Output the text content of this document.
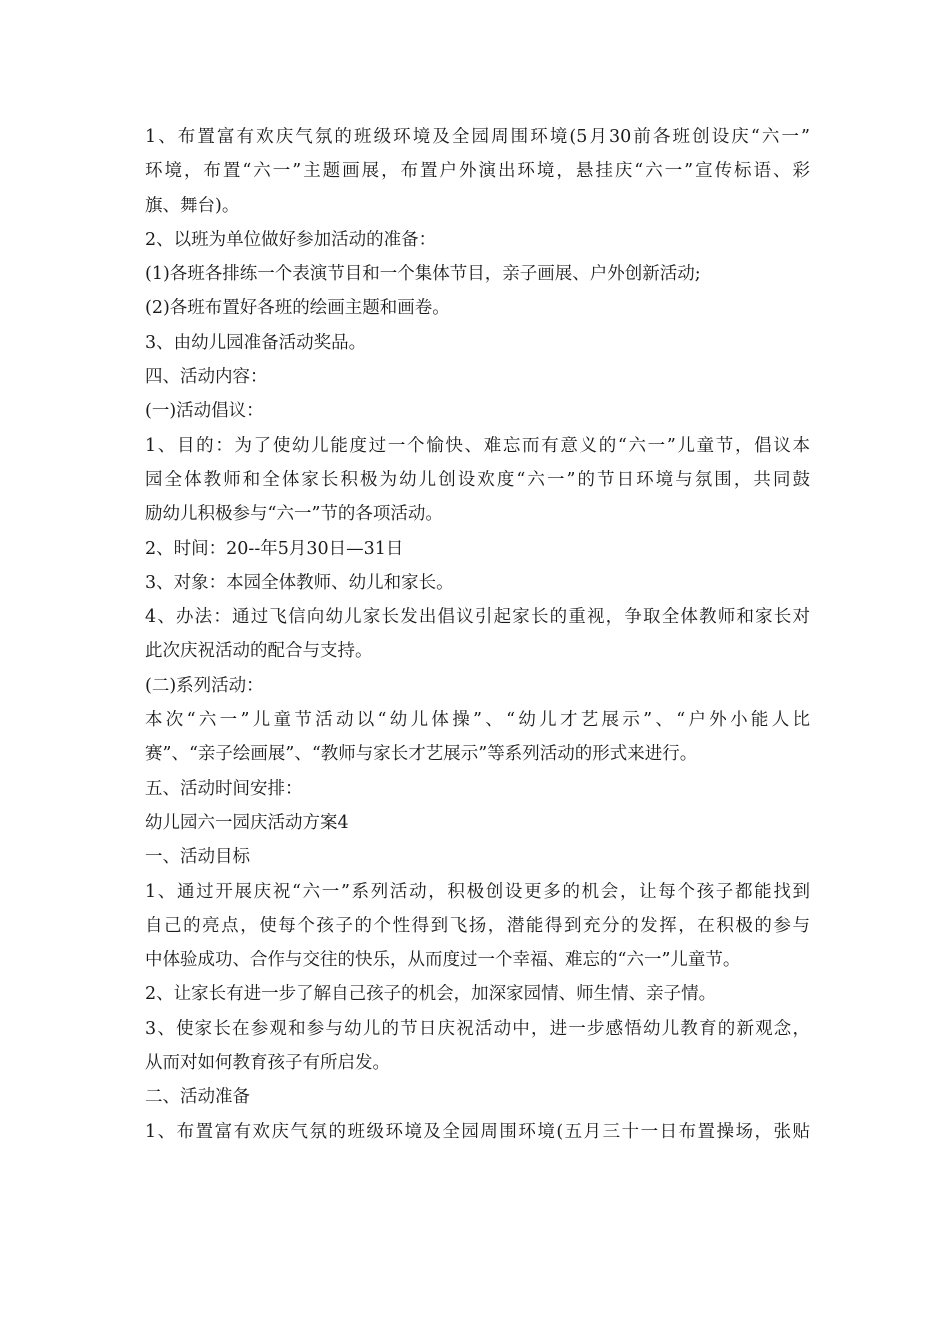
1、布置富有欢庆气氛的班级环境及全园周围环境(5月30前各班创设庆“六一”
环境，布置“六一”主题画展，布置户外演出环境，悬挂庆“六一”宣传标语、彩
旗、舞台)。
2、以班为单位做好参加活动的准备：
(1)各班各排练一个表演节目和一个集体节目，亲子画展、户外创新活动;
(2)各班布置好各班的绘画主题和画卷。
3、由幼儿园准备活动奖品。
四、活动内容：
(一)活动倡议：
1、目的：为了使幼儿能度过一个愉快、难忘而有意义的“六一”儿童节，倡议本
园全体教师和全体家长积极为幼儿创设欢度“六一”的节日环境与氛围，共同鼓
励幼儿积极参与“六一”节的各项活动。
2、时间：20--年5月30日—31日
3、对象：本园全体教师、幼儿和家长。
4、办法：通过飞信向幼儿家长发出倡议引起家长的重视，争取全体教师和家长对
此次庆祝活动的配合与支持。
(二)系列活动：
本次“六一”儿童节活动以“幼儿体操”、“幼儿才艺展示”、“户外小能人比
赛”、“亲子绘画展”、“教师与家长才艺展示”等系列活动的形式来进行。
五、活动时间安排：
幼儿园六一园庆活动方案4
一、活动目标
1、通过开展庆祝“六一”系列活动，积极创设更多的机会，让每个孩子都能找到
自己的亮点，使每个孩子的个性得到飞扬，潜能得到充分的发挥，在积极的参与
中体验成功、合作与交往的快乐，从而度过一个幸福、难忘的“六一”儿童节。
2、让家长有进一步了解自己孩子的机会，加深家园情、师生情、亲子情。
3、使家长在参观和参与幼儿的节日庆祝活动中，进一步感悟幼儿教育的新观念，
从而对如何教育孩子有所启发。
二、活动准备
1、布置富有欢庆气氛的班级环境及全园周围环境(五月三十一日布置操场，张贴
